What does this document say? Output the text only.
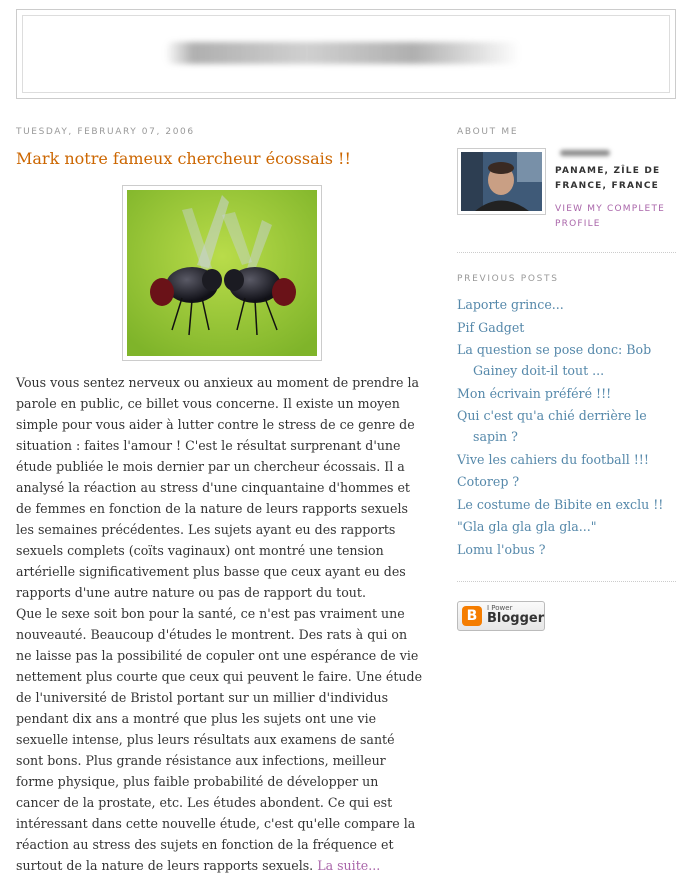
TUESDAY, FEBRUARY 07, 2006
Mark notre fameux chercheur écossais !!

Vous vous sentez nerveux ou anxieux au moment de prendre la parole en public, ce billet vous concerne. Il existe un moyen simple pour vous aider à lutter contre le stress de ce genre de situation : faites l'amour ! C'est le résultat surprenant d'une étude publiée le mois dernier par un chercheur écossais. Il a analysé la réaction au stress d'une cinquantaine d'hommes et de femmes en fonction de la nature de leurs rapports sexuels les semaines précédentes. Les sujets ayant eu des rapports sexuels complets (coïts vaginaux) ont montré une tension artérielle significativement plus basse que ceux ayant eu des rapports d'une autre nature ou pas de rapport du tout.

Que le sexe soit bon pour la santé, ce n'est pas vraiment une nouveauté. Beaucoup d'études le montrent. Des rats à qui on ne laisse pas la possibilité de copuler ont une espérance de vie nettement plus courte que ceux qui peuvent le faire. Une étude de l'université de Bristol portant sur un millier d'individus pendant dix ans a montré que plus les sujets ont une vie sexuelle intense, plus leurs résultats aux examens de santé sont bons. Plus grande résistance aux infections, meilleur forme physique, plus faible probabilité de développer un cancer de la prostate, etc. Les études abondent. Ce qui est intéressant dans cette nouvelle étude, c'est qu'elle compare la réaction au stress des sujets en fonction de la fréquence et surtout de la nature de leurs rapports sexuels. La suite...

ABOUT ME
PANAME, ZÎLE DE FRANCE, FRANCE
VIEW MY COMPLETE PROFILE
PREVIOUS POSTS
Laporte grince...
Pif Gadget
La question se pose donc: Bob Gainey doit-il tout ...
Mon écrivain préféré !!!
Qui c'est qu'a chié derrière le sapin ?
Vive les cahiers du football !!!
Cotorep ?
Le costume de Bibite en exclu !!
"Gla gla gla gla gla..."
Lomu l'obus ?
B	I Power
Blogger
